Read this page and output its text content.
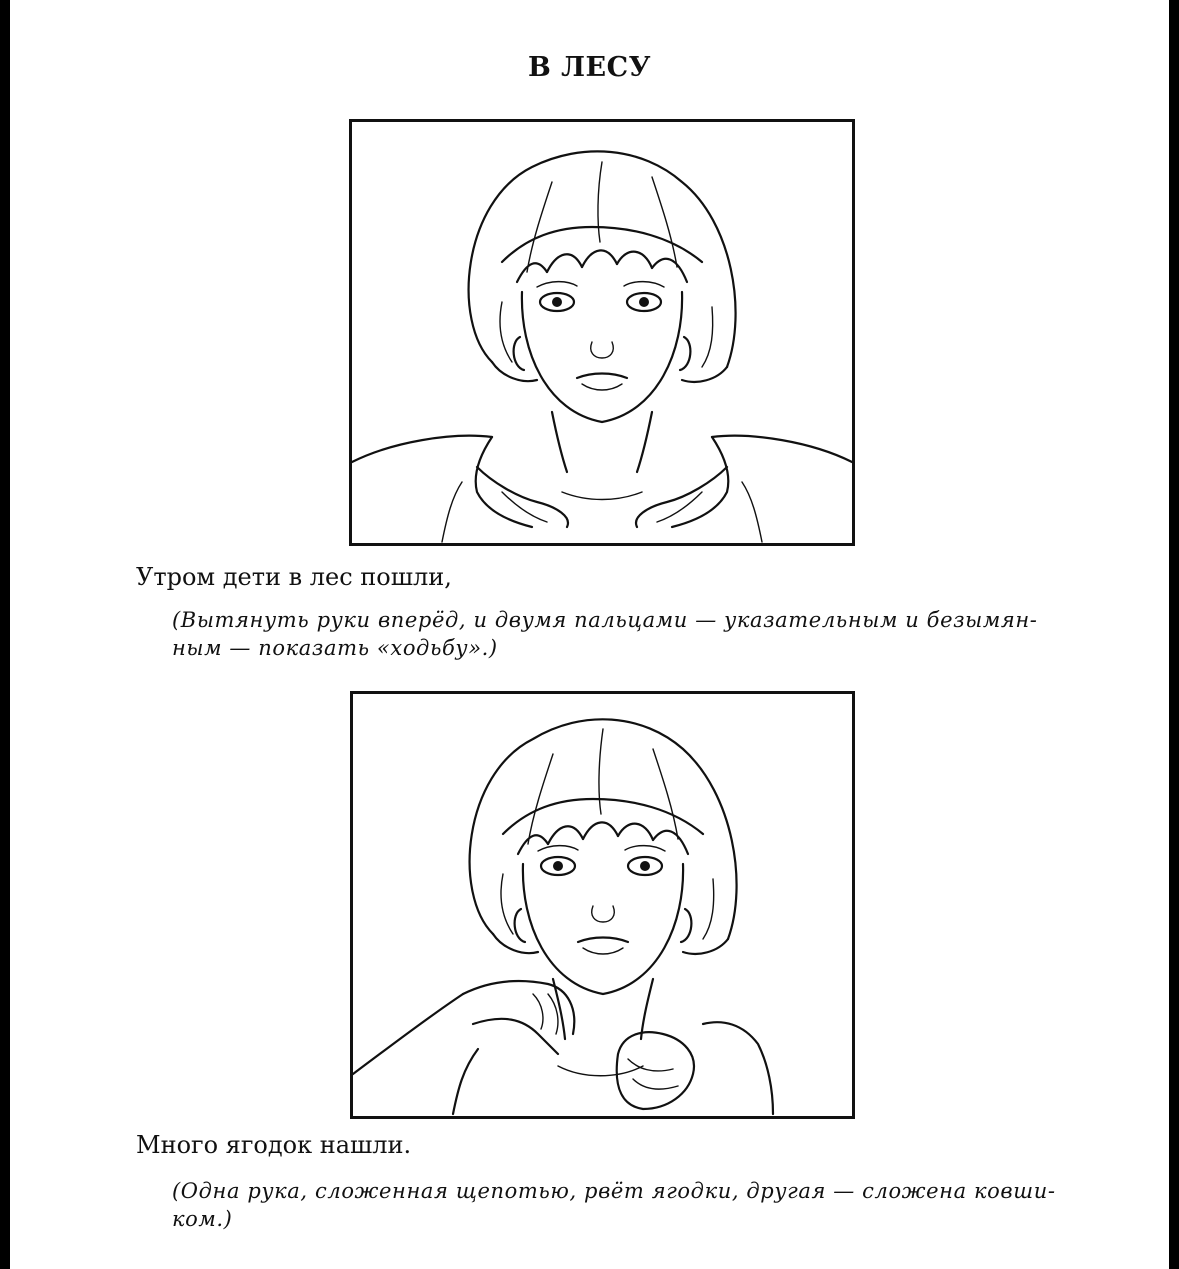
В ЛЕСУ
Утром дети в лес пошли,
(Вытянуть руки вперёд, и двумя пальцами — указательным и безымян-
ным — показать «ходьбу».)
Много ягодок нашли.
(Одна рука, сложенная щепотью, рвёт ягодки, другая — сложена ковши-
ком.)
